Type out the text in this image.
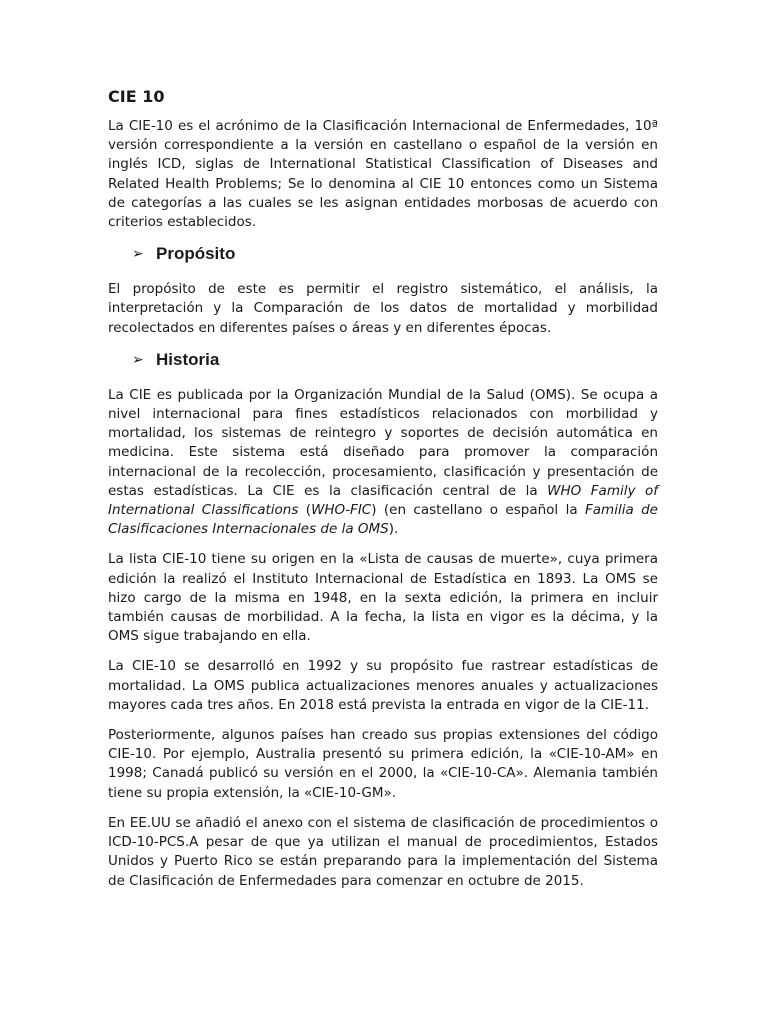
CIE 10

La CIE-10 es el acrónimo de la Clasificación Internacional de Enfermedades, 10ª versión correspondiente a la versión en castellano o español de la versión en inglés ICD, siglas de International Statistical Classification of Diseases and Related Health Problems; Se lo denomina al CIE 10 entonces como un Sistema de categorías a las cuales se les asignan entidades morbosas de acuerdo con criterios establecidos.

➢ Propósito

El propósito de este es permitir el registro sistemático, el análisis, la interpretación y la Comparación de los datos de mortalidad y morbilidad recolectados en diferentes países o áreas y en diferentes épocas.

➢ Historia

La CIE es publicada por la Organización Mundial de la Salud (OMS). Se ocupa a nivel internacional para fines estadísticos relacionados con morbilidad y mortalidad, los sistemas de reintegro y soportes de decisión automática en medicina. Este sistema está diseñado para promover la comparación internacional de la recolección, procesamiento, clasificación y presentación de estas estadísticas. La CIE es la clasificación central de la WHO Family of International Classifications (WHO-FIC) (en castellano o español la Familia de Clasificaciones Internacionales de la OMS).

La lista CIE-10 tiene su origen en la «Lista de causas de muerte», cuya primera edición la realizó el Instituto Internacional de Estadística en 1893. La OMS se hizo cargo de la misma en 1948, en la sexta edición, la primera en incluir también causas de morbilidad. A la fecha, la lista en vigor es la décima, y la OMS sigue trabajando en ella.

La CIE-10 se desarrolló en 1992 y su propósito fue rastrear estadísticas de mortalidad. La OMS publica actualizaciones menores anuales y actualizaciones mayores cada tres años. En 2018 está prevista la entrada en vigor de la CIE-11.

Posteriormente, algunos países han creado sus propias extensiones del código CIE-10. Por ejemplo, Australia presentó su primera edición, la «CIE-10-AM» en 1998; Canadá publicó su versión en el 2000, la «CIE-10-CA». Alemania también tiene su propia extensión, la «CIE-10-GM».

En EE.UU se añadió el anexo con el sistema de clasificación de procedimientos o ICD-10-PCS.A pesar de que ya utilizan el manual de procedimientos, Estados Unidos y Puerto Rico se están preparando para la implementación del Sistema de Clasificación de Enfermedades para comenzar en octubre de 2015.
